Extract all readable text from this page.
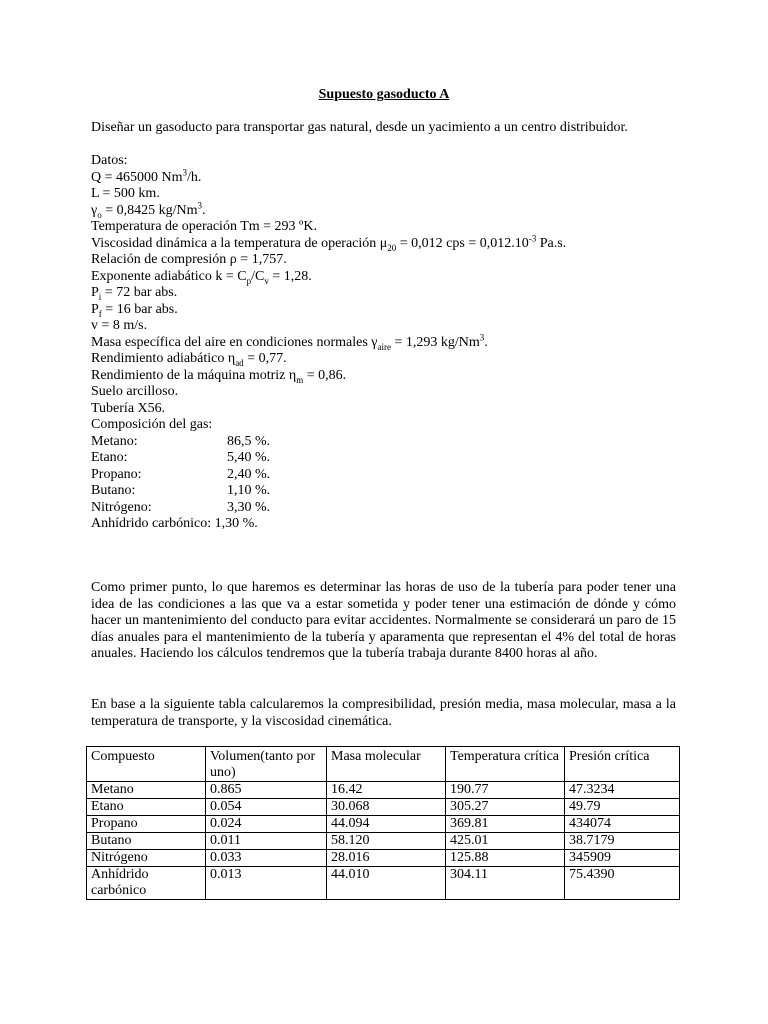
Supuesto gasoducto A
Diseñar un gasoducto para transportar gas natural, desde un yacimiento a un centro distribuidor.
Datos:
Q = 465000 Nm$^3$/h.
L = 500 km.
$\gamma_o = 0,8425$ kg/Nm$^3$.
Temperatura de operación Tm = 293 ºK.
Viscosidad dinámica a la temperatura de operación $\mu_{20} = 0,012$ cps = $0,012.10^{-3}$ Pa.s.
Relación de compresión ρ = 1,757.
Exponente adiabático $k = C_p/C_v = 1,28$.
$P_i = 72$ bar abs.
$P_f = 16$ bar abs.
v = 8 m/s.
Masa específica del aire en condiciones normales $\gamma_{aire} = 1,293$ kg/Nm$^3$.
Rendimiento adiabático $\eta_{ad} = 0,77$.
Rendimiento de la máquina motriz $\eta_m = 0,86$.
Suelo arcilloso.
Tubería X56.
Composición del gas:
Metano:	86,5 %.
Etano:	5,40 %.
Propano:	2,40 %.
Butano:	1,10 %.
Nitrógeno:	3,30 %.
Anhídrido carbónico: 1,30 %.
Como primer punto, lo que haremos es determinar las horas de uso de la tubería para poder tener una idea de las condiciones a las que va a estar sometida y poder tener una estimación de dónde y cómo hacer un mantenimiento del conducto para evitar accidentes. Normalmente se considerará un paro de 15 días anuales para el mantenimiento de la tubería y aparamenta que representan el 4% del total de horas anuales. Haciendo los cálculos tendremos que la tubería trabaja durante 8400 horas al año.
En base a la siguiente tabla calcularemos la compresibilidad, presión media, masa molecular, masa a la temperatura de transporte, y la viscosidad cinemática.
Compuesto	Volumen(tanto por uno)	Masa molecular	Temperatura crítica	Presión crítica
Metano	0.865	16.42	190.77	47.3234
Etano	0.054	30.068	305.27	49.79
Propano	0.024	44.094	369.81	434074
Butano	0.011	58.120	425.01	38.7179
Nitrógeno	0.033	28.016	125.88	345909
Anhídrido carbónico	0.013	44.010	304.11	75.4390
